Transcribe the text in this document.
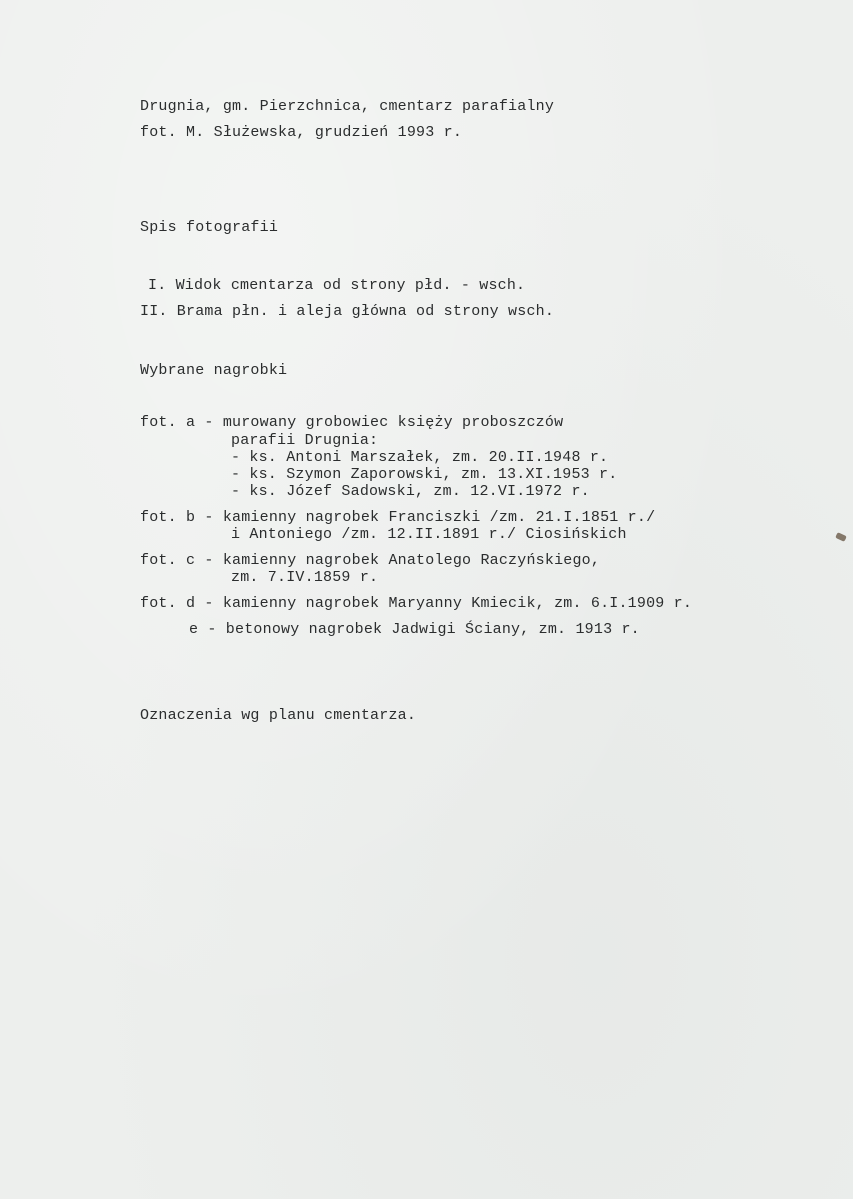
Drugnia, gm. Pierzchnica, cmentarz parafialny
fot. M. Służewska, grudzień 1993 r.
Spis fotografii
I. Widok cmentarza od strony płd. - wsch.
II. Brama płn. i aleja główna od strony wsch.
Wybrane nagrobki
fot. a - murowany grobowiec księży proboszczów
parafii Drugnia:
- ks. Antoni Marszałek, zm. 20.II.1948 r.
- ks. Szymon Zaporowski, zm. 13.XI.1953 r.
- ks. Józef Sadowski, zm. 12.VI.1972 r.
fot. b - kamienny nagrobek Franciszki /zm. 21.I.1851 r./
i Antoniego /zm. 12.II.1891 r./ Ciosińskich
fot. c - kamienny nagrobek Anatolego Raczyńskiego,
zm. 7.IV.1859 r.
fot. d - kamienny nagrobek Maryanny Kmiecik, zm. 6.I.1909 r.
e - betonowy nagrobek Jadwigi Ściany, zm. 1913 r.
Oznaczenia wg planu cmentarza.
